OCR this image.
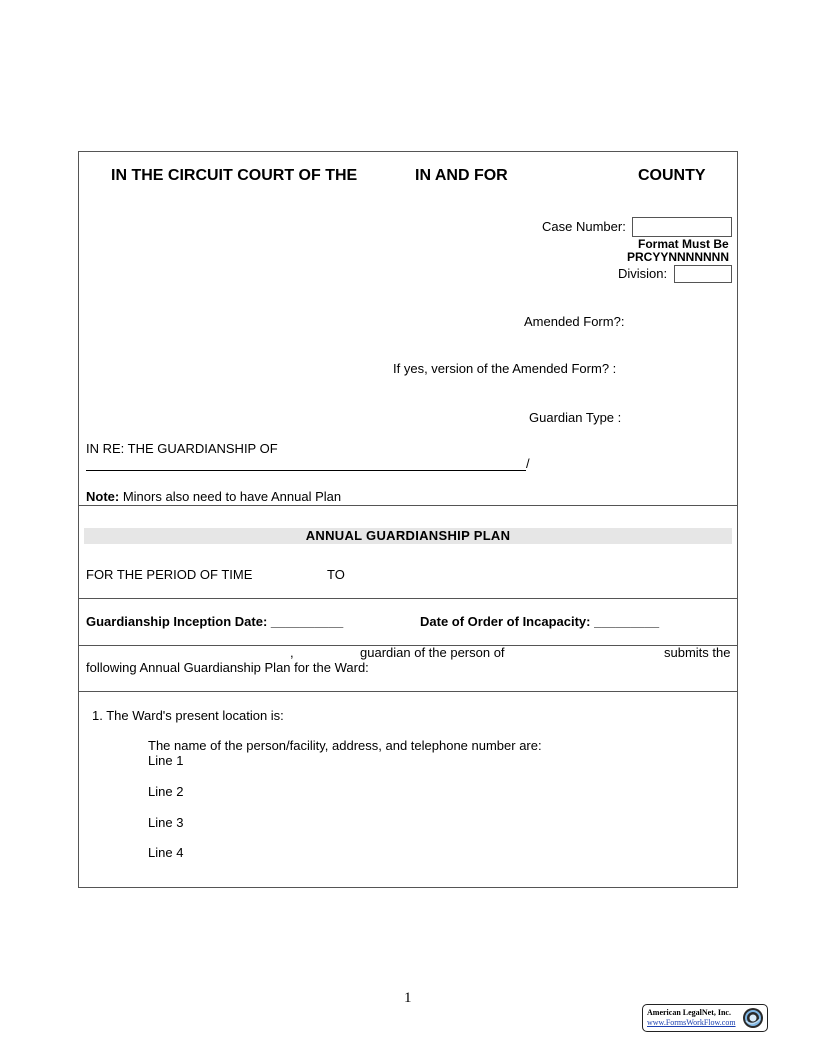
IN THE CIRCUIT COURT OF THE	IN AND FOR	COUNTY
Case Number:
Format Must Be
PRCYYNNNNNNN
Division:
Amended Form?:
If yes, version of the Amended Form? :
Guardian Type :
IN RE: THE GUARDIANSHIP OF
/
Note: Minors also need to have Annual Plan
ANNUAL GUARDIANSHIP PLAN
FOR THE PERIOD OF TIME	TO
Guardianship Inception Date: __________	Date of Order of Incapacity: _________
,	guardian of the person of	submits the
following Annual Guardianship Plan for the Ward:
1. The Ward's present location is:
The name of the person/facility, address, and telephone number are:
Line 1
Line 2
Line 3
Line 4
1
American LegalNet, Inc.
www.FormsWorkFlow.com
